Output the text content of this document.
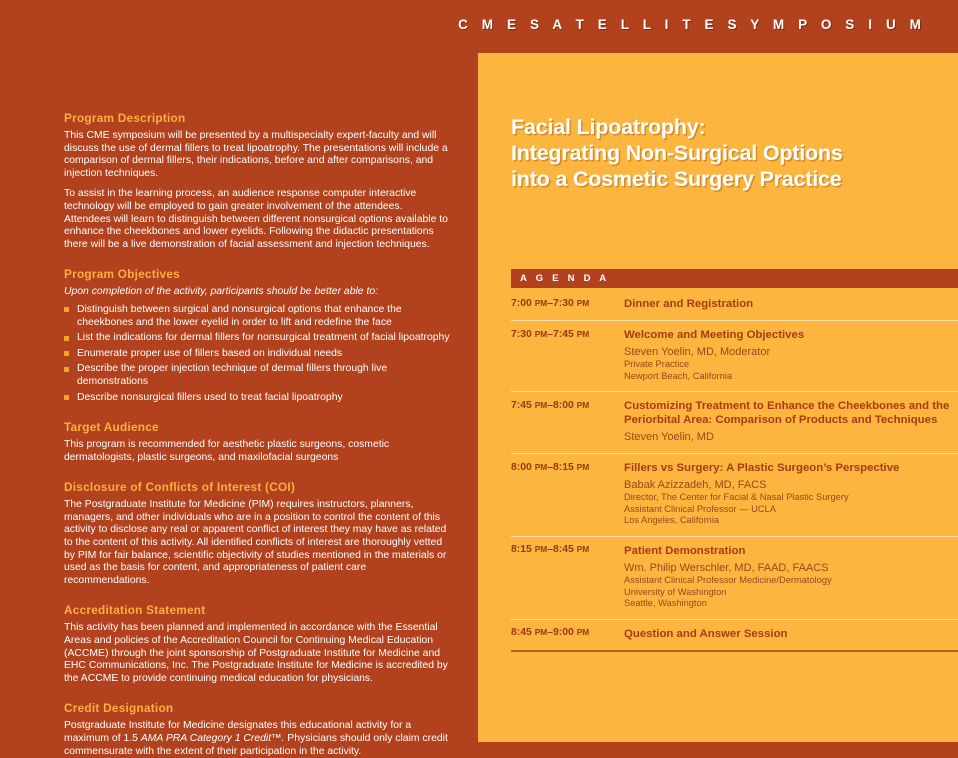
C M E S A T E L L I T E S Y M P O S I U M
Program Description

This CME symposium will be presented by a multispecialty expert-faculty and will discuss the use of dermal fillers to treat lipoatrophy. The presentations will include a comparison of dermal fillers, their indications, before and after comparisons, and injection techniques.

To assist in the learning process, an audience response computer interactive technology will be employed to gain greater involvement of the attendees. Attendees will learn to distinguish between different nonsurgical options available to enhance the cheekbones and lower eyelids. Following the didactic presentations there will be a live demonstration of facial assessment and injection techniques.

Program Objectives

Upon completion of the activity, participants should be better able to:

Distinguish between surgical and nonsurgical options that enhance the cheekbones and the lower eyelid in order to lift and redefine the face
List the indications for dermal fillers for nonsurgical treatment of facial lipoatrophy
Enumerate proper use of fillers based on individual needs
Describe the proper injection technique of dermal fillers through live demonstrations
Describe nonsurgical fillers used to treat facial lipoatrophy
Target Audience

This program is recommended for aesthetic plastic surgeons, cosmetic dermatologists, plastic surgeons, and maxilofacial surgeons

Disclosure of Conflicts of Interest (COI)

The Postgraduate Institute for Medicine (PIM) requires instructors, planners, managers, and other individuals who are in a position to control the content of this activity to disclose any real or apparent conflict of interest they may have as related to the content of this activity. All identified conflicts of interest are thoroughly vetted by PIM for fair balance, scientific objectivity of studies mentioned in the materials or used as the basis for content, and appropriateness of patient care recommendations.

Accreditation Statement

This activity has been planned and implemented in accordance with the Essential Areas and policies of the Accreditation Council for Continuing Medical Education (ACCME) through the joint sponsorship of Postgraduate Institute for Medicine and EHC Communications, Inc. The Postgraduate Institute for Medicine is accredited by the ACCME to provide continuing medical education for physicians.

Credit Designation

Postgraduate Institute for Medicine designates this educational activity for a maximum of 1.5 AMA PRA Category 1 Credit™. Physicians should only claim credit commensurate with the extent of their participation in the activity.

Facial Lipoatrophy:
Integrating Non-Surgical Options
into a Cosmetic Surgery Practice
A G E N D A
7:00 PM–7:30 PM	Dinner and Registration

7:30 PM–7:45 PM	Welcome and Meeting Objectives

Steven Yoelin, MD, Moderator

Private Practice

Newport Beach, California

7:45 PM–8:00 PM	Customizing Treatment to Enhance the Cheekbones and the Periorbital Area: Comparison of Products and Techniques

Steven Yoelin, MD

8:00 PM–8:15 PM	Fillers vs Surgery: A Plastic Surgeon’s Perspective

Babak Azizzadeh, MD, FACS

Director, The Center for Facial & Nasal Plastic Surgery

Assistant Clinical Professor — UCLA

Los Angeles, California

8:15 PM–8:45 PM	Patient Demonstration

Wm. Philip Werschler, MD, FAAD, FAACS

Assistant Clinical Professor Medicine/Dermatology

University of Washington

Seattle, Washington

8:45 PM–9:00 PM	Question and Answer Session
